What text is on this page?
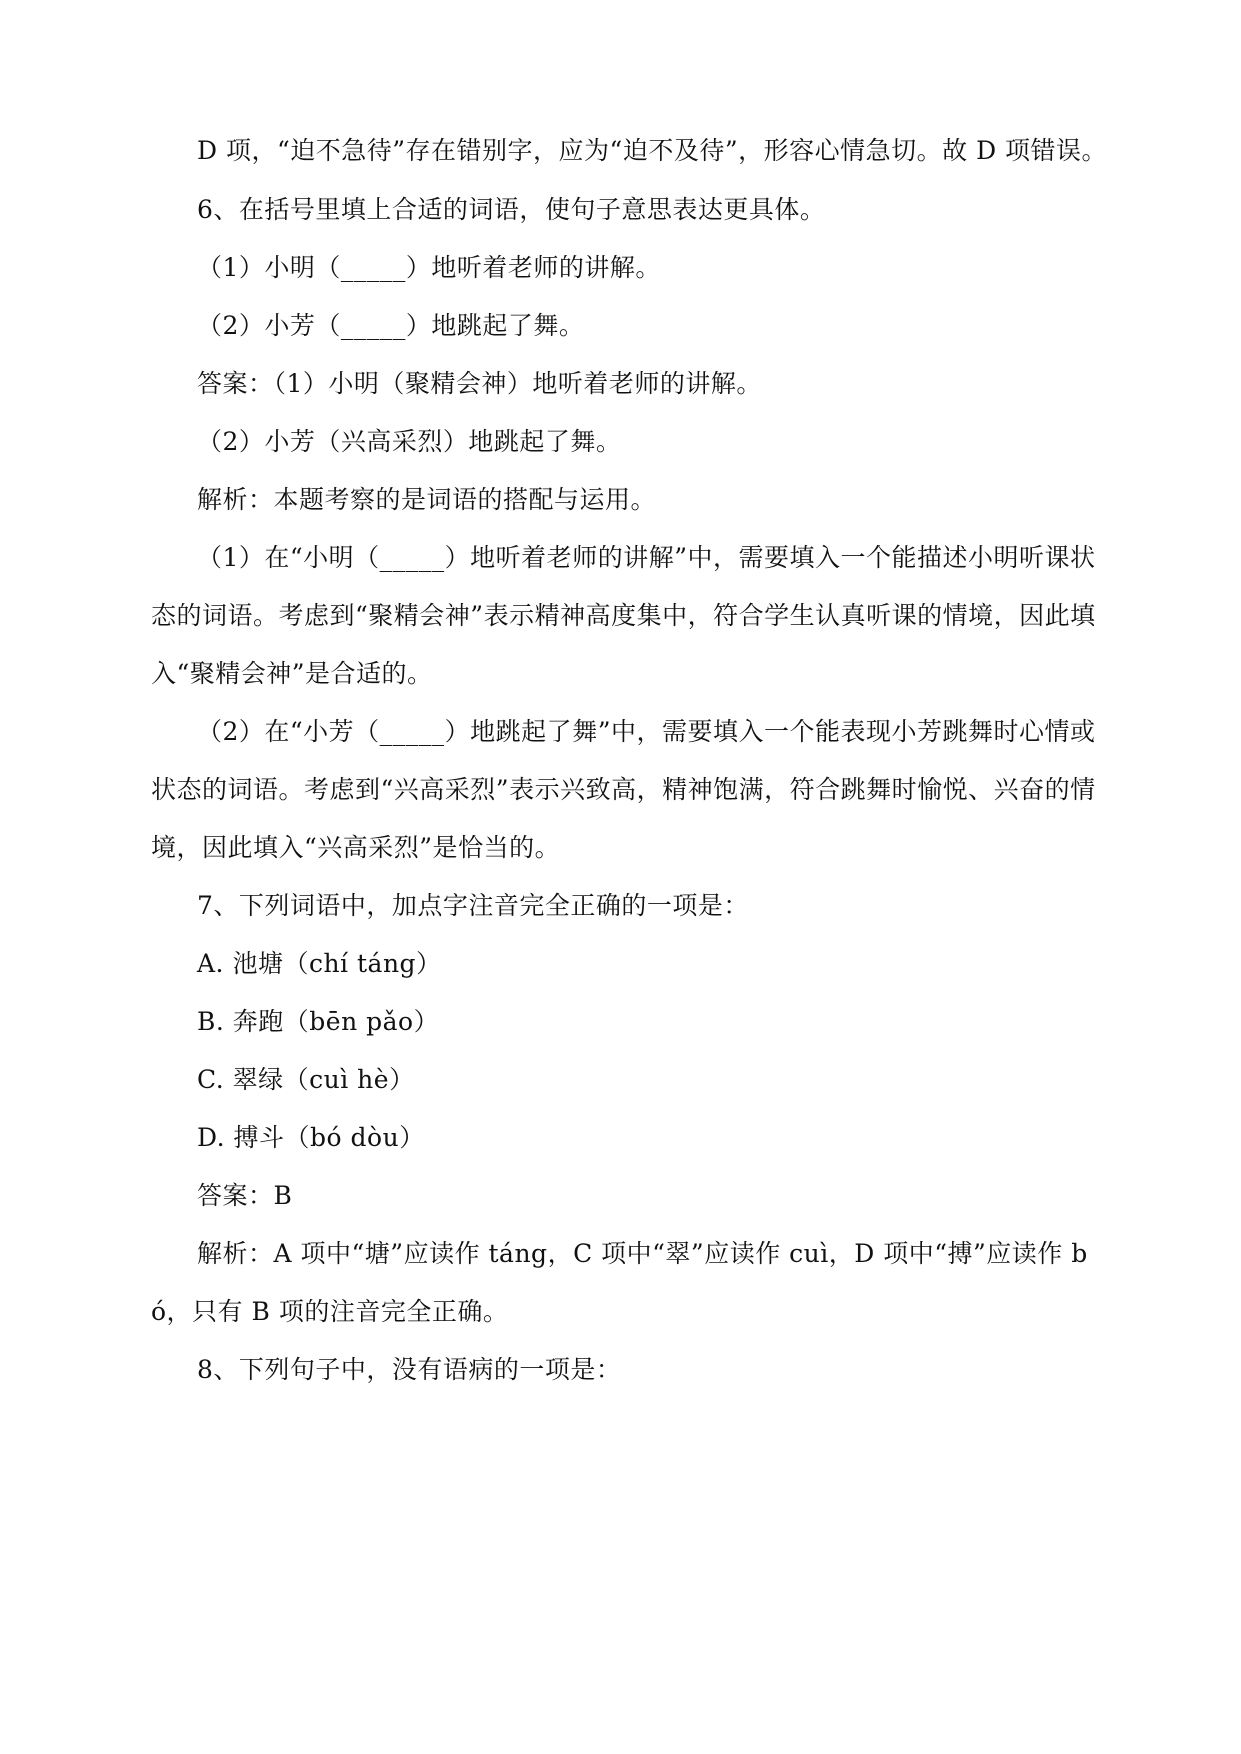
D 项，“迫不急待”存在错别字，应为“迫不及待”，形容心情急切。故 D 项错误。
6、在括号里填上合适的词语，使句子意思表达更具体。
（1）小明（_____）地听着老师的讲解。
（2）小芳（_____）地跳起了舞。
答案：（1）小明（聚精会神）地听着老师的讲解。
（2）小芳（兴高采烈）地跳起了舞。
解析：本题考察的是词语的搭配与运用。
（1）在“小明（_____）地听着老师的讲解”中，需要填入一个能描述小明听课状
态的词语。考虑到“聚精会神”表示精神高度集中，符合学生认真听课的情境，因此填
入“聚精会神”是合适的。
（2）在“小芳（_____）地跳起了舞”中，需要填入一个能表现小芳跳舞时心情或
状态的词语。考虑到“兴高采烈”表示兴致高，精神饱满，符合跳舞时愉悦、兴奋的情
境，因此填入“兴高采烈”是恰当的。
7、下列词语中，加点字注音完全正确的一项是：
A. 池塘（chí táng）
B. 奔跑（bēn pǎo）
C. 翠绿（cuì hè）
D. 搏斗（bó dòu）
答案：B
解析：A 项中“塘”应读作 táng，C 项中“翠”应读作 cuì，D 项中“搏”应读作 b
ó，只有 B 项的注音完全正确。
8、下列句子中，没有语病的一项是：
